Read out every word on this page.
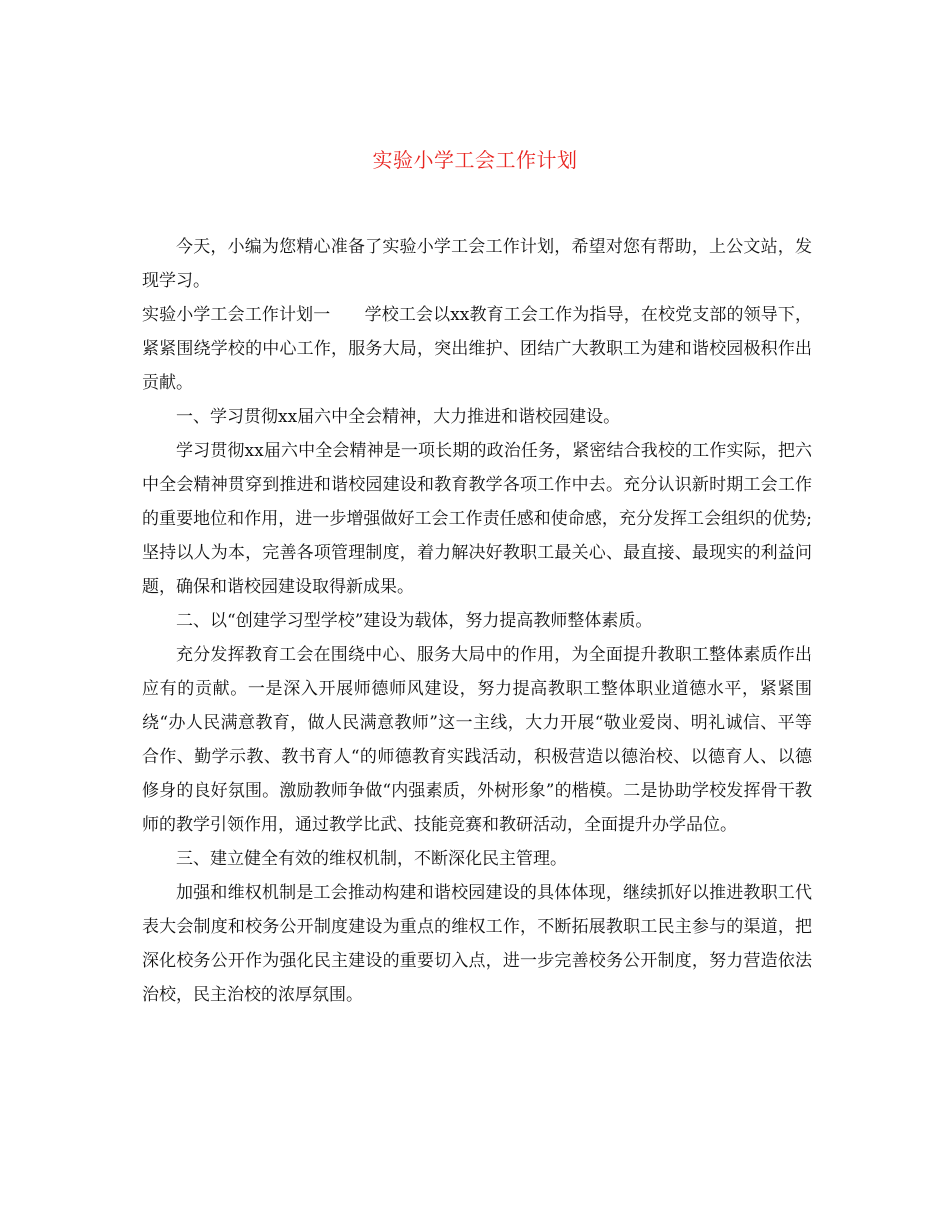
实验小学工会工作计划

今天，小编为您精心准备了实验小学工会工作计划，希望对您有帮助，上公文站，发现学习。

实验小学工会工作计划一 学校工会以xx教育工会工作为指导，在校党支部的领导下，紧紧围绕学校的中心工作，服务大局，突出维护、团结广大教职工为建和谐校园极积作出贡献。

一、学习贯彻xx届六中全会精神，大力推进和谐校园建设。

学习贯彻xx届六中全会精神是一项长期的政治任务，紧密结合我校的工作实际，把六中全会精神贯穿到推进和谐校园建设和教育教学各项工作中去。充分认识新时期工会工作的重要地位和作用，进一步增强做好工会工作责任感和使命感，充分发挥工会组织的优势;坚持以人为本，完善各项管理制度，着力解决好教职工最关心、最直接、最现实的利益问题，确保和谐校园建设取得新成果。

二、以“创建学习型学校”建设为载体，努力提高教师整体素质。

充分发挥教育工会在围绕中心、服务大局中的作用，为全面提升教职工整体素质作出应有的贡献。一是深入开展师德师风建设，努力提高教职工整体职业道德水平，紧紧围绕“办人民满意教育，做人民满意教师”这一主线，大力开展“敬业爱岗、明礼诚信、平等合作、勤学示教、教书育人“的师德教育实践活动，积极营造以德治校、以德育人、以德修身的良好氛围。激励教师争做“内强素质，外树形象”的楷模。二是协助学校发挥骨干教师的教学引领作用，通过教学比武、技能竞赛和教研活动，全面提升办学品位。

三、建立健全有效的维权机制，不断深化民主管理。

加强和维权机制是工会推动构建和谐校园建设的具体体现，继续抓好以推进教职工代表大会制度和校务公开制度建设为重点的维权工作，不断拓展教职工民主参与的渠道，把深化校务公开作为强化民主建设的重要切入点，进一步完善校务公开制度，努力营造依法治校，民主治校的浓厚氛围。
